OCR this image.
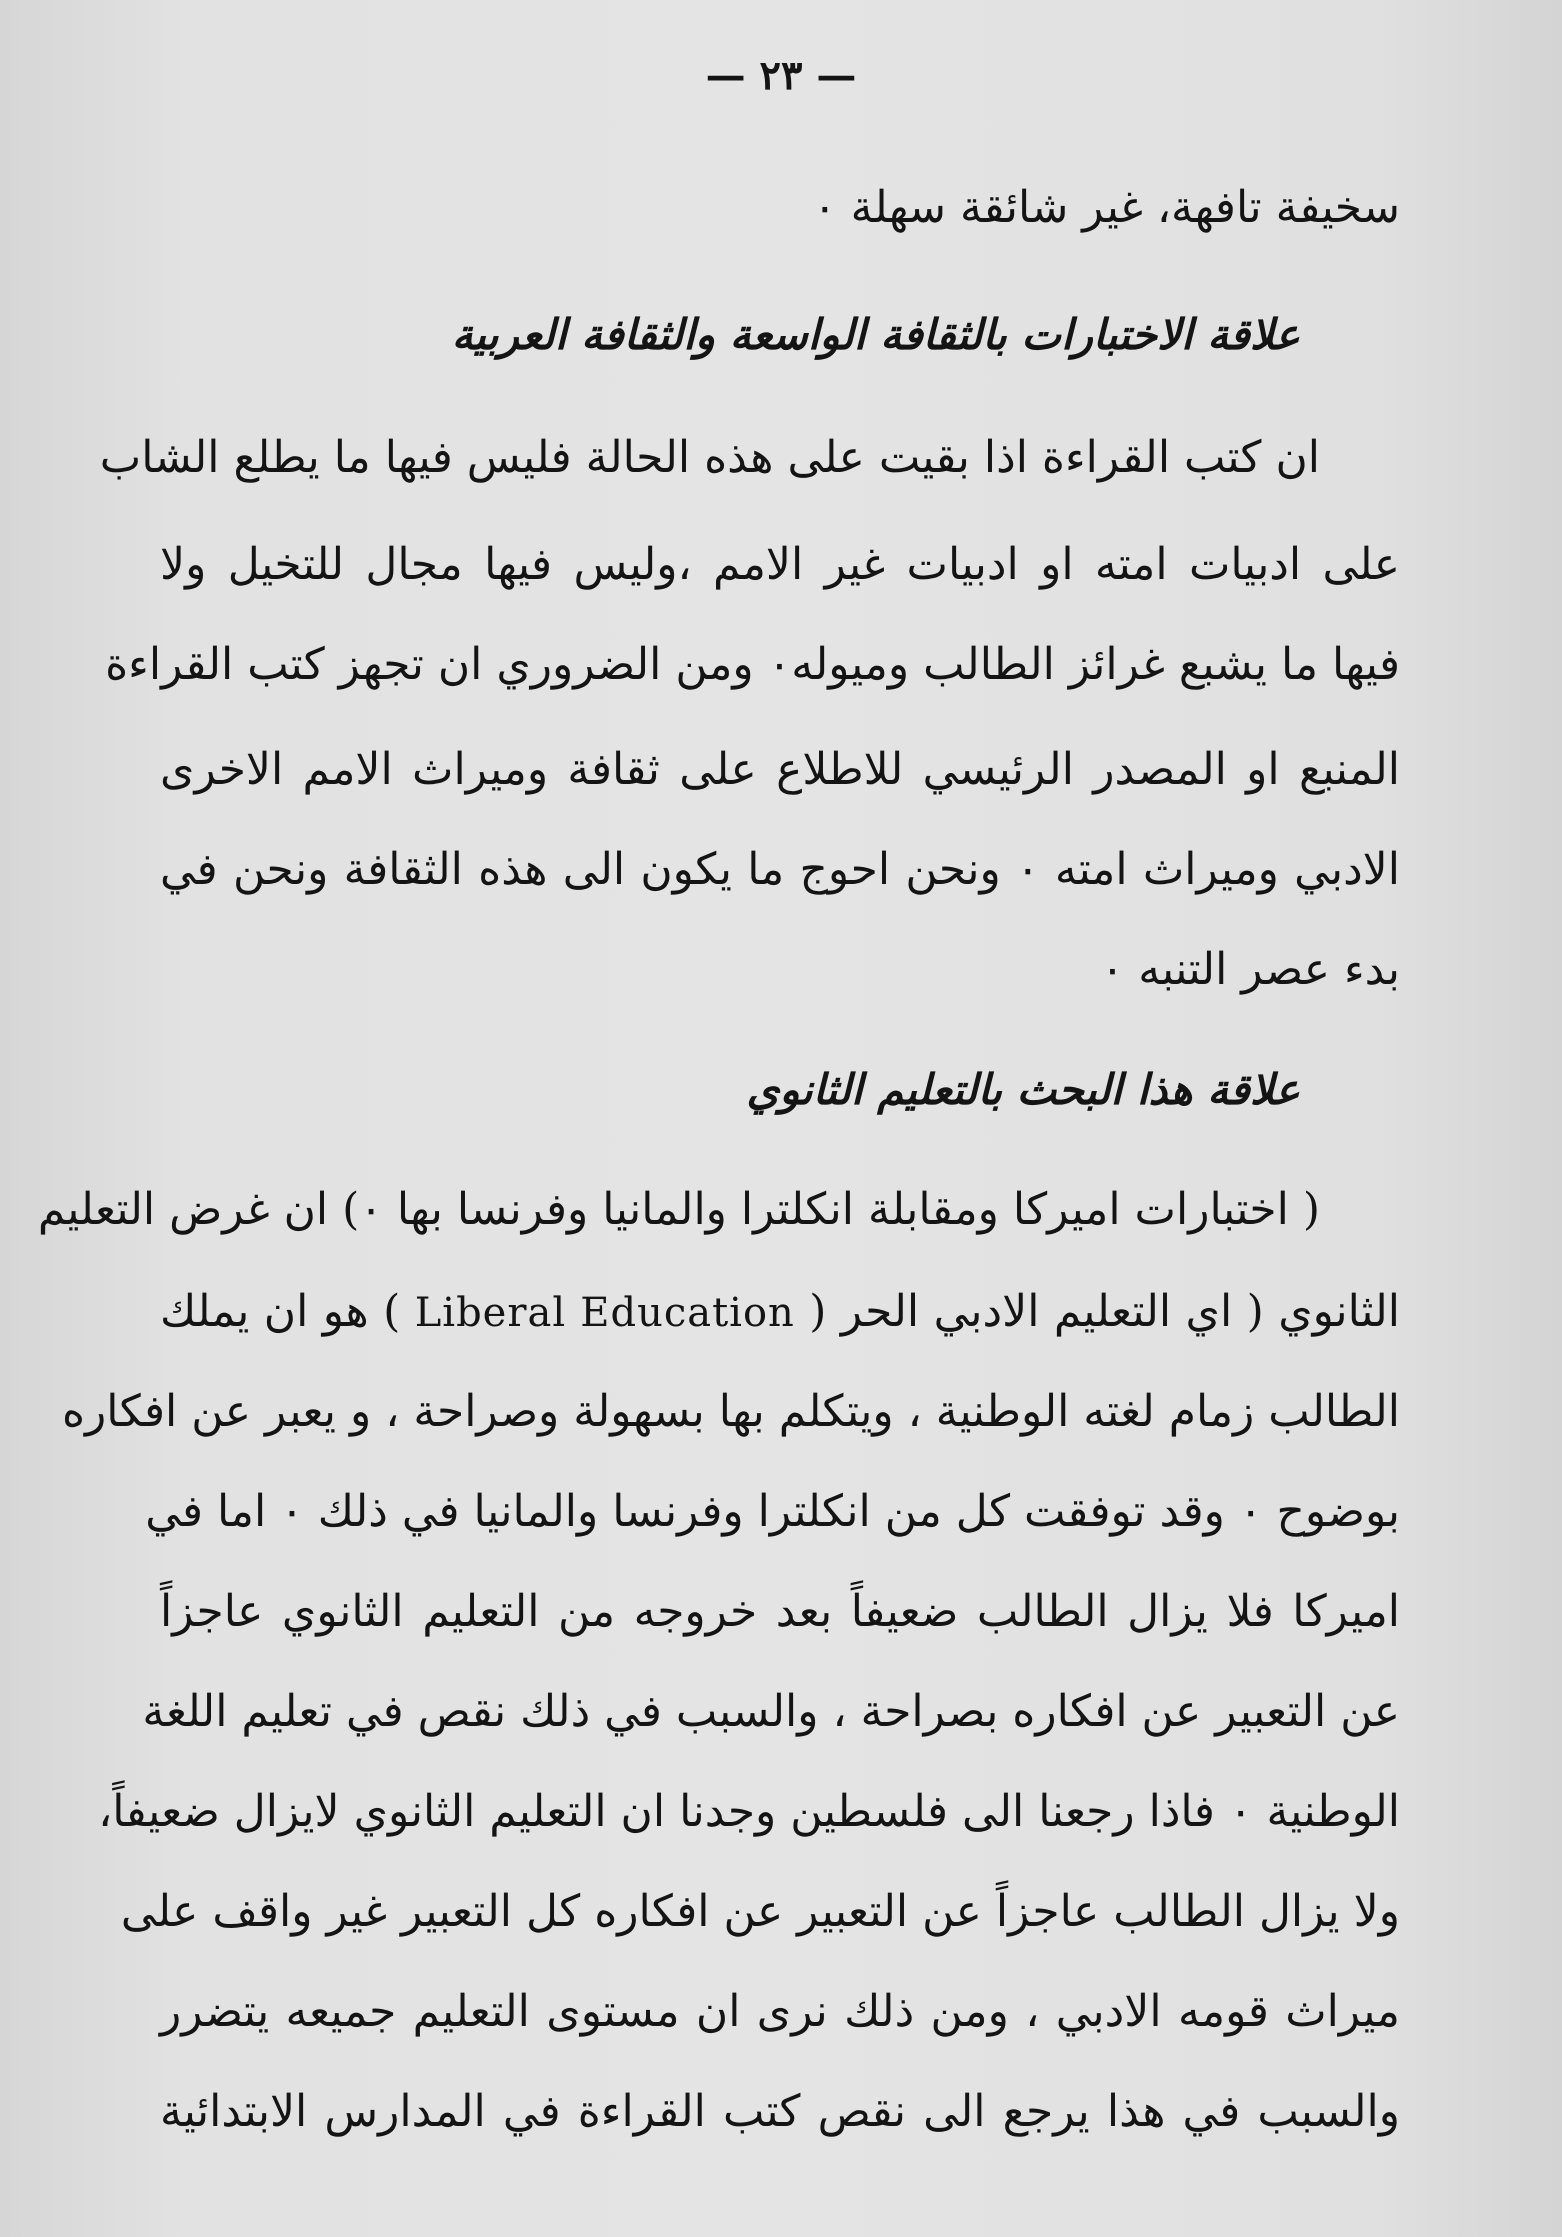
— ٢٣ —
سخيفة تافهة، غير شائقة سهلة ٠
علاقة الاختبارات بالثقافة الواسعة والثقافة العربية
ان كتب القراءة اذا بقيت على هذه الحالة فليس فيها ما يطلع الشاب
على ادبيات امته او ادبيات غير الامم ،وليس فيها مجال للتخيل ولا
فيها ما يشبع غرائز الطالب وميوله٠ ومن الضروري ان تجهز كتب القراءة
المنبع او المصدر الرئيسي للاطلاع على ثقافة وميراث الامم الاخرى
الادبي وميراث امته ٠ ونحن احوج ما يكون الى هذه الثقافة ونحن في
بدء عصر التنبه ٠
علاقة هذا البحث بالتعليم الثانوي
( اختبارات اميركا ومقابلة انكلترا والمانيا وفرنسا بها ٠) ان غرض التعليم
الثانوي ( اي التعليم الادبي الحر ( Liberal Education ) هو ان يملك
الطالب زمام لغته الوطنية ، ويتكلم بها بسهولة وصراحة ، و يعبر عن افكاره
بوضوح ٠ وقد توفقت كل من انكلترا وفرنسا والمانيا في ذلك ٠ اما في
اميركا فلا يزال الطالب ضعيفاً بعد خروجه من التعليم الثانوي عاجزاً
عن التعبير عن افكاره بصراحة ، والسبب في ذلك نقص في تعليم اللغة
الوطنية ٠ فاذا رجعنا الى فلسطين وجدنا ان التعليم الثانوي لايزال ضعيفاً،
ولا يزال الطالب عاجزاً عن التعبير عن افكاره كل التعبير غير واقف على
ميراث قومه الادبي ، ومن ذلك نرى ان مستوى التعليم جميعه يتضرر
والسبب في هذا يرجع الى نقص كتب القراءة في المدارس الابتدائية
